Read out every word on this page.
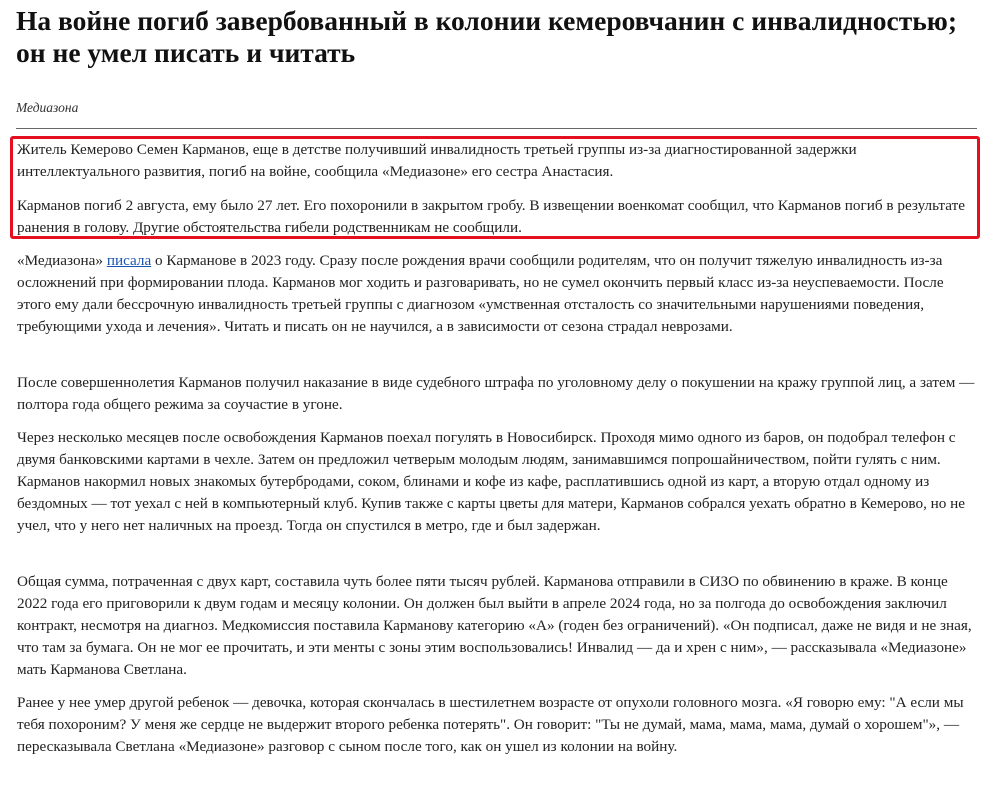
На войне погиб завербованный в колонии кемеровчанин с инвалидностью; он не умел писать и читать

Медиазона

Житель Кемерово Семен Карманов, еще в детстве получивший инвалидность третьей группы из-за диагностированной задержки интеллектуального развития, погиб на войне, сообщила «Медиазоне» его сестра Анастасия.

Карманов погиб 2 августа, ему было 27 лет. Его похоронили в закрытом гробу. В извещении военкомат сообщил, что Карманов погиб в результате ранения в голову. Другие обстоятельства гибели родственникам не сообщили.

«Медиазона» писала о Карманове в 2023 году. Сразу после рождения врачи сообщили родителям, что он получит тяжелую инвалидность из-за осложнений при формировании плода. Карманов мог ходить и разговаривать, но не сумел окончить первый класс из-за неуспеваемости. После этого ему дали бессрочную инвалидность третьей группы с диагнозом «умственная отсталость со значительными нарушениями поведения, требующими ухода и лечения». Читать и писать он не научился, а в зависимости от сезона страдал неврозами.

После совершеннолетия Карманов получил наказание в виде судебного штрафа по уголовному делу о покушении на кражу группой лиц, а затем — полтора года общего режима за соучастие в угоне.

Через несколько месяцев после освобождения Карманов поехал погулять в Новосибирск. Проходя мимо одного из баров, он подобрал телефон с двумя банковскими картами в чехле. Затем он предложил четверым молодым людям, занимавшимся попрошайничеством, пойти гулять с ним. Карманов накормил новых знакомых бутербродами, соком, блинами и кофе из кафе, расплатившись одной из карт, а вторую отдал одному из бездомных — тот уехал с ней в компьютерный клуб. Купив также с карты цветы для матери, Карманов собрался уехать обратно в Кемерово, но не учел, что у него нет наличных на проезд. Тогда он спустился в метро, где и был задержан.

Общая сумма, потраченная с двух карт, составила чуть более пяти тысяч рублей. Карманова отправили в СИЗО по обвинению в краже. В конце 2022 года его приговорили к двум годам и месяцу колонии. Он должен был выйти в апреле 2024 года, но за полгода до освобождения заключил контракт, несмотря на диагноз. Медкомиссия поставила Карманову категорию «А» (годен без ограничений). «Он подписал, даже не видя и не зная, что там за бумага. Он не мог ее прочитать, и эти менты с зоны этим воспользовались! Инвалид — да и хрен с ним», — рассказывала «Медиазоне» мать Карманова Светлана.

Ранее у нее умер другой ребенок — девочка, которая скончалась в шестилетнем возрасте от опухоли головного мозга. «Я говорю ему: "А если мы тебя похороним? У меня же сердце не выдержит второго ребенка потерять". Он говорит: "Ты не думай, мама, мама, мама, думай о хорошем"», — пересказывала Светлана «Медиазоне» разговор с сыном после того, как он ушел из колонии на войну.
